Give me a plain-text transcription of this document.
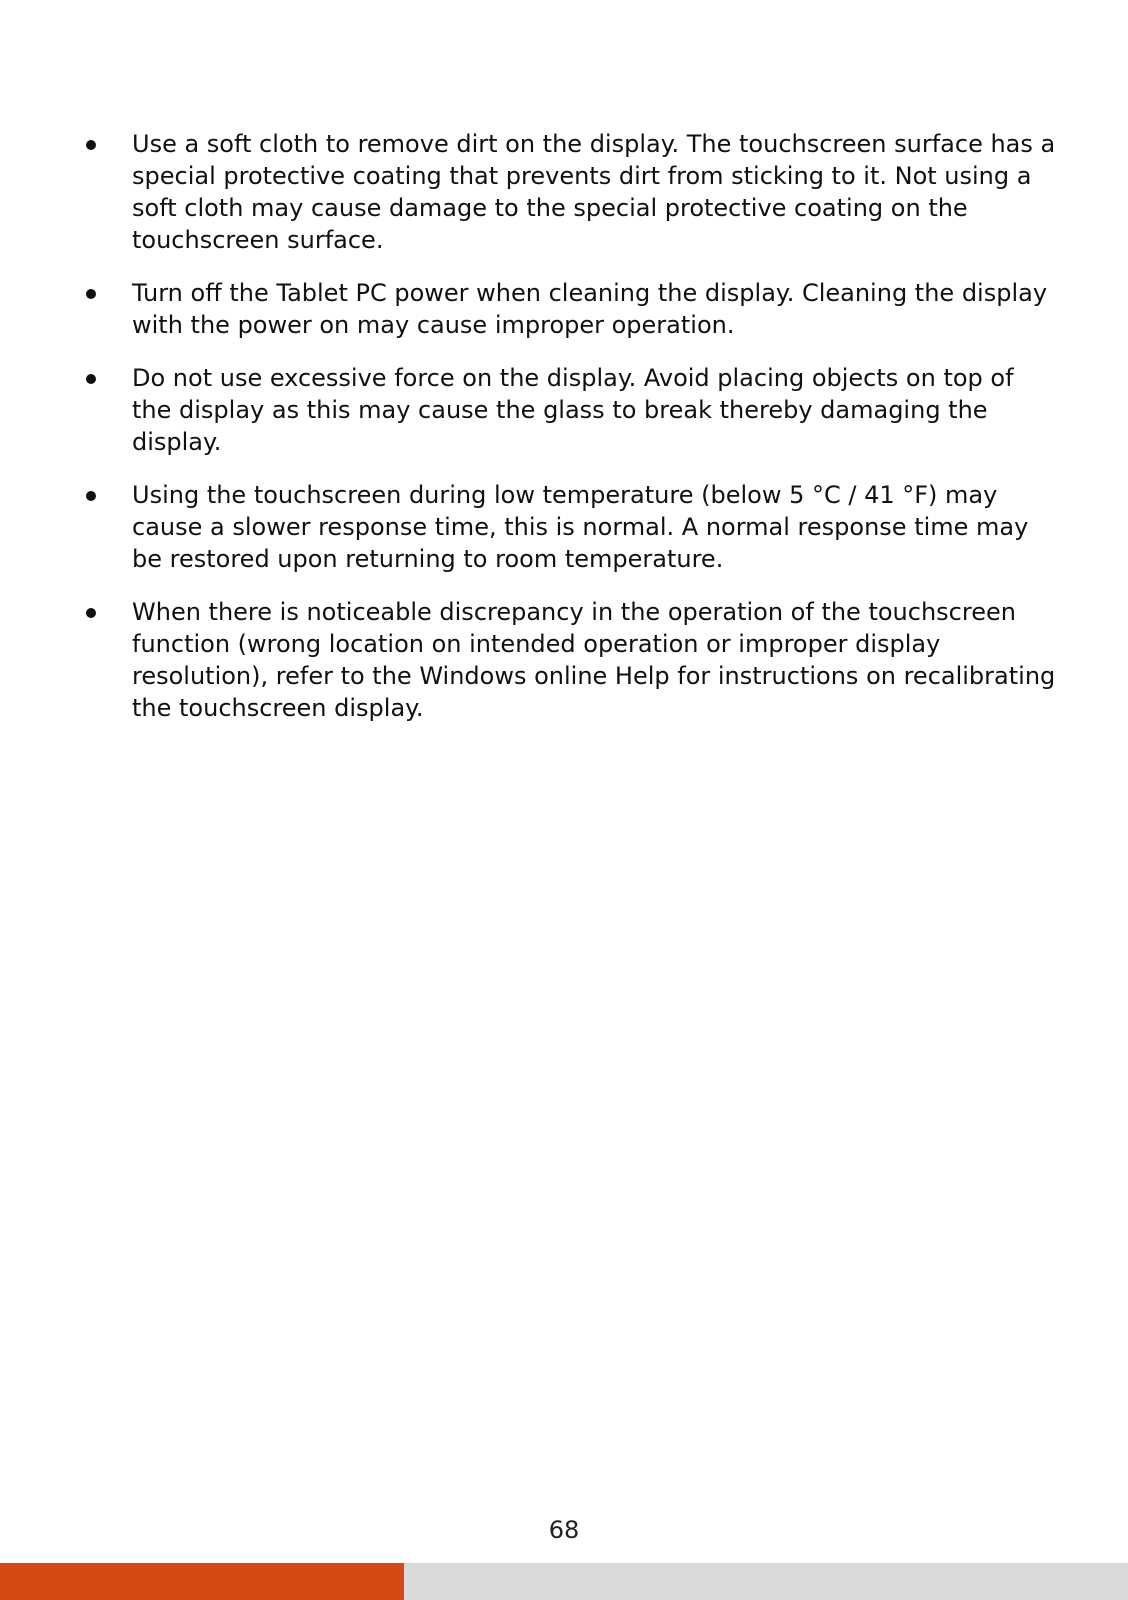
Use a soft cloth to remove dirt on the display. The touchscreen surface has a special protective coating that prevents dirt from sticking to it. Not using a soft cloth may cause damage to the special protective coating on the touchscreen surface.
Turn off the Tablet PC power when cleaning the display. Cleaning the display with the power on may cause improper operation.
Do not use excessive force on the display. Avoid placing objects on top of the display as this may cause the glass to break thereby damaging the display.
Using the touchscreen during low temperature (below 5 °C / 41 °F) may cause a slower response time, this is normal. A normal response time may be restored upon returning to room temperature.
When there is noticeable discrepancy in the operation of the touchscreen function (wrong location on intended operation or improper display resolution), refer to the Windows online Help for instructions on recalibrating the touchscreen display.
68
